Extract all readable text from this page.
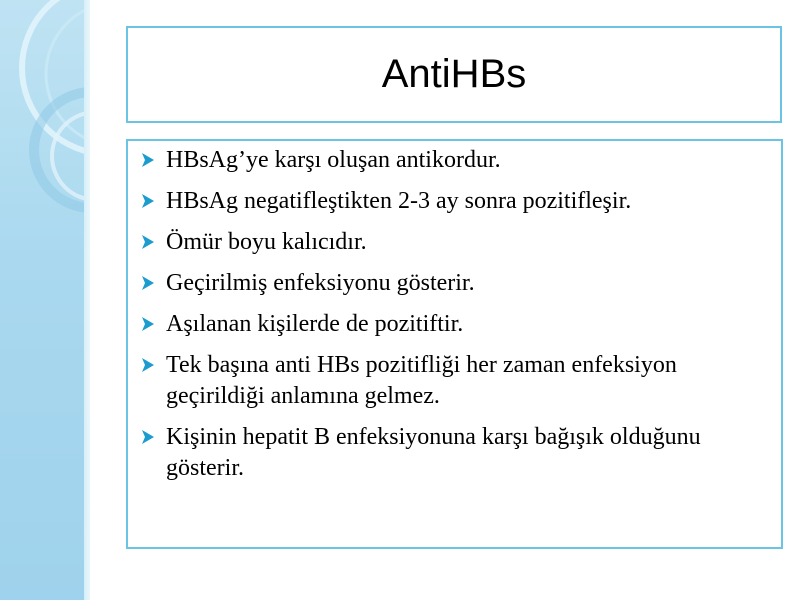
AntiHBs
HBsAg’ye karşı oluşan antikordur.
HBsAg negatifleştikten 2-3 ay sonra pozitifleşir.
Ömür boyu kalıcıdır.
Geçirilmiş enfeksiyonu gösterir.
Aşılanan kişilerde de pozitiftir.
Tek başına anti HBs pozitifliği her zaman enfeksiyon geçirildiği anlamına gelmez.
Kişinin hepatit B enfeksiyonuna karşı bağışık olduğunu gösterir.
